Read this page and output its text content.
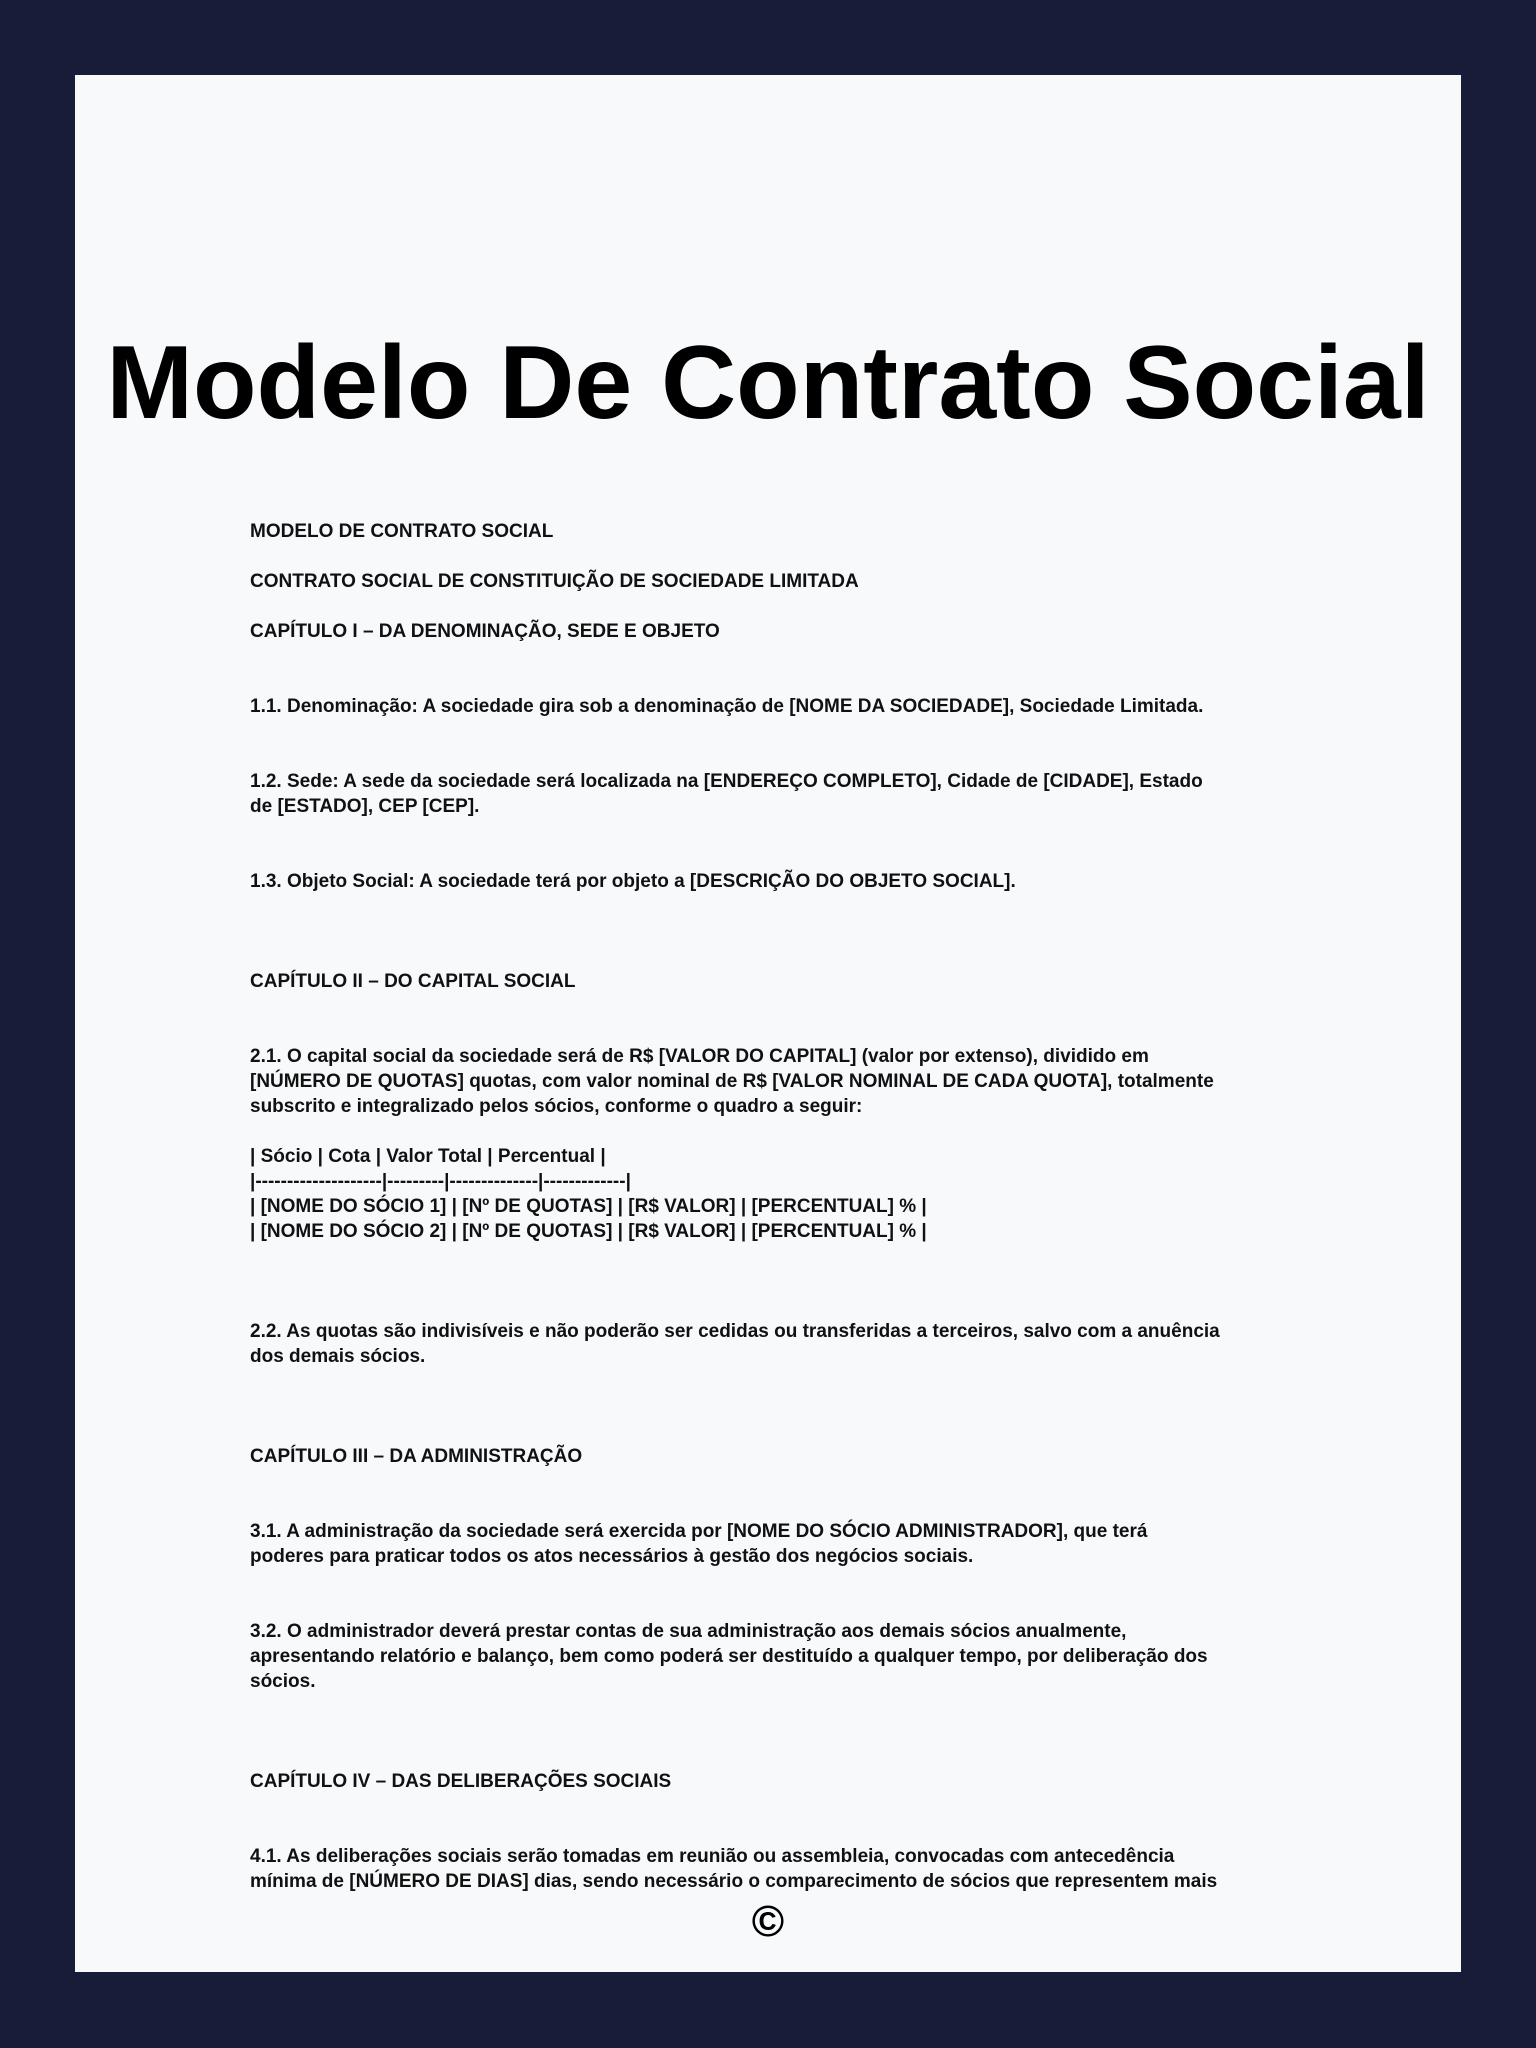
Modelo De Contrato Social
MODELO DE CONTRATO SOCIAL

CONTRATO SOCIAL DE CONSTITUIÇÃO DE SOCIEDADE LIMITADA

CAPÍTULO I – DA DENOMINAÇÃO, SEDE E OBJETO

1.1. Denominação: A sociedade gira sob a denominação de [NOME DA SOCIEDADE], Sociedade Limitada.

1.2. Sede: A sede da sociedade será localizada na [ENDEREÇO COMPLETO], Cidade de [CIDADE], Estado
de [ESTADO], CEP [CEP].

1.3. Objeto Social: A sociedade terá por objeto a [DESCRIÇÃO DO OBJETO SOCIAL].

CAPÍTULO II – DO CAPITAL SOCIAL

2.1. O capital social da sociedade será de R$ [VALOR DO CAPITAL] (valor por extenso), dividido em
[NÚMERO DE QUOTAS] quotas, com valor nominal de R$ [VALOR NOMINAL DE CADA QUOTA], totalmente
subscrito e integralizado pelos sócios, conforme o quadro a seguir:

| Sócio | Cota | Valor Total | Percentual |
|--------------------|---------|--------------|-------------|
| [NOME DO SÓCIO 1] | [Nº DE QUOTAS] | [R$ VALOR] | [PERCENTUAL] % |
| [NOME DO SÓCIO 2] | [Nº DE QUOTAS] | [R$ VALOR] | [PERCENTUAL] % |

2.2. As quotas são indivisíveis e não poderão ser cedidas ou transferidas a terceiros, salvo com a anuência
dos demais sócios.

CAPÍTULO III – DA ADMINISTRAÇÃO

3.1. A administração da sociedade será exercida por [NOME DO SÓCIO ADMINISTRADOR], que terá
poderes para praticar todos os atos necessários à gestão dos negócios sociais.

3.2. O administrador deverá prestar contas de sua administração aos demais sócios anualmente,
apresentando relatório e balanço, bem como poderá ser destituído a qualquer tempo, por deliberação dos
sócios.

CAPÍTULO IV – DAS DELIBERAÇÕES SOCIAIS

4.1. As deliberações sociais serão tomadas em reunião ou assembleia, convocadas com antecedência
mínima de [NÚMERO DE DIAS] dias, sendo necessário o comparecimento de sócios que representem mais
©
